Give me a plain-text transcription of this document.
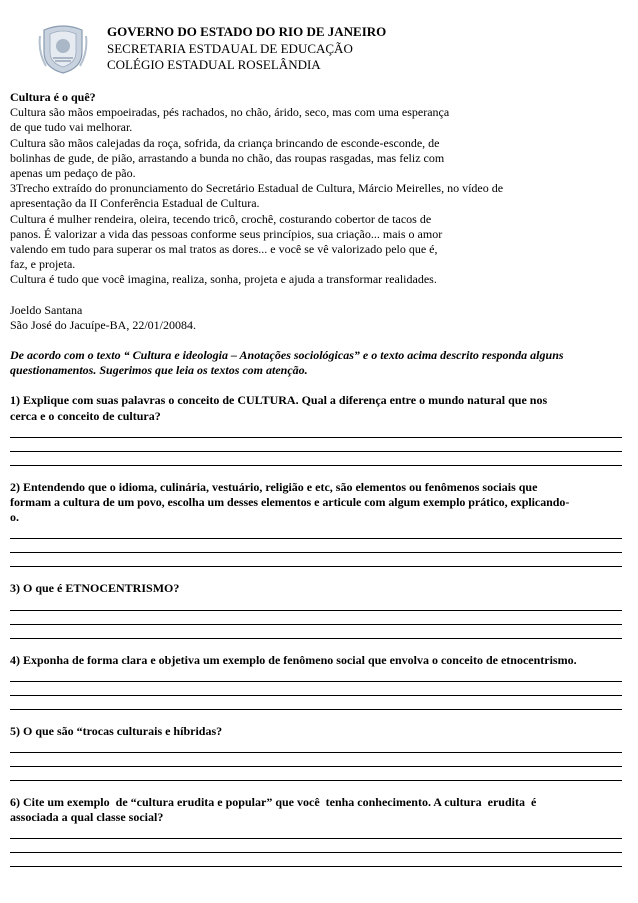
GOVERNO DO ESTADO DO RIO DE JANEIRO
SECRETARIA ESTDAUAL DE EDUCAÇÃO
COLÉGIO ESTADUAL ROSELÂNDIA
Cultura é o quê?
Cultura são mãos empoeiradas, pés rachados, no chão, árido, seco, mas com uma esperança
de que tudo vai melhorar.
Cultura são mãos calejadas da roça, sofrida, da criança brincando de esconde-esconde, de
bolinhas de gude, de pião, arrastando a bunda no chão, das roupas rasgadas, mas feliz com
apenas um pedaço de pão.
3Trecho extraído do pronunciamento do Secretário Estadual de Cultura, Márcio Meirelles, no vídeo de
apresentação da II Conferência Estadual de Cultura.
Cultura é mulher rendeira, oleira, tecendo tricô, crochê, costurando cobertor de tacos de
panos. É valorizar a vida das pessoas conforme seus princípios, sua criação... mais o amor
valendo em tudo para superar os mal tratos as dores... e você se vê valorizado pelo que é,
faz, e projeta.
Cultura é tudo que você imagina, realiza, sonha, projeta e ajuda a transformar realidades.
Joeldo Santana
São José do Jacuípe-BA, 22/01/20084.
De acordo com o texto “ Cultura e ideologia – Anotações sociológicas” e o texto acima descrito responda alguns
questionamentos. Sugerimos que leia os textos com atenção.
1) Explique com suas palavras o conceito de CULTURA. Qual a diferença entre o mundo natural que nos
cerca e o conceito de cultura?
2) Entendendo que o idioma, culinária, vestuário, religião e etc, são elementos ou fenômenos sociais que
formam a cultura de um povo, escolha um desses elementos e articule com algum exemplo prático, explicando-
o.
3) O que é ETNOCENTRISMO?
4) Exponha de forma clara e objetiva um exemplo de fenômeno social que envolva o conceito de etnocentrismo.
5) O que são “trocas culturais e híbridas?
6) Cite um exemplo  de “cultura erudita e popular” que você  tenha conhecimento. A cultura  erudita  é
associada a qual classe social?
